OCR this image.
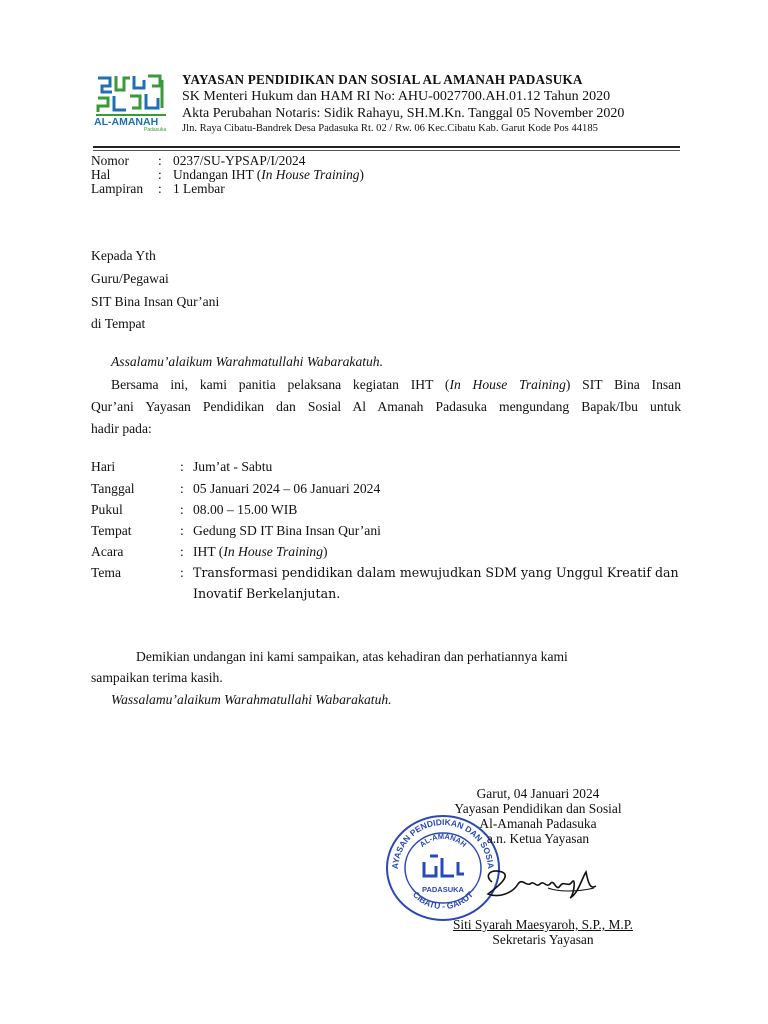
AL-AMANAH
Padasuka
YAYASAN PENDIDIKAN DAN SOSIAL AL AMANAH PADASUKA
SK Menteri Hukum dan HAM RI No: AHU-0027700.AH.01.12 Tahun 2020
Akta Perubahan Notaris: Sidik Rahayu, SH.M.Kn. Tanggal 05 November 2020
Jln. Raya Cibatu-Bandrek Desa Padasuka Rt. 02 / Rw. 06 Kec.Cibatu Kab. Garut Kode Pos 44185
Nomor : 0237/SU-YPSAP/I/2024
Hal	: Undangan IHT (In House Training)
Lampiran : 1 Lembar
Kepada Yth
Guru/Pegawai
SIT Bina Insan Qur’ani
di Tempat
Assalamu’alaikum Warahmatullahi Wabarakatuh.
Bersama ini, kami panitia pelaksana kegiatan IHT (In House Training) SIT Bina Insan
Qur’ani Yayasan Pendidikan dan Sosial Al Amanah Padasuka mengundang Bapak/Ibu untuk
hadir pada:
Hari	: Jum’at - Sabtu
Tanggal	: 05 Januari 2024 – 06 Januari 2024
Pukul	: 08.00 – 15.00 WIB
Tempat	: Gedung SD IT Bina Insan Qur’ani
Acara	: IHT (In House Training)
Tema	: Transformasi pendidikan dalam mewujudkan SDM yang Unggul Kreatif dan
Inovatif Berkelanjutan.
Demikian undangan ini kami sampaikan, atas kehadiran dan perhatiannya kami
sampaikan terima kasih.
Wassalamu’alaikum Warahmatullahi Wabarakatuh.
AYASAN PENDIDIKAN DAN SOSIA
CIBATU - GARUT
AL-AMANAH
PADASUKA
Garut, 04 Januari 2024
Yayasan Pendidikan dan Sosial
Al-Amanah Padasuka
a.n. Ketua Yayasan
Siti Syarah Maesyaroh, S.P., M.P.
Sekretaris Yayasan
